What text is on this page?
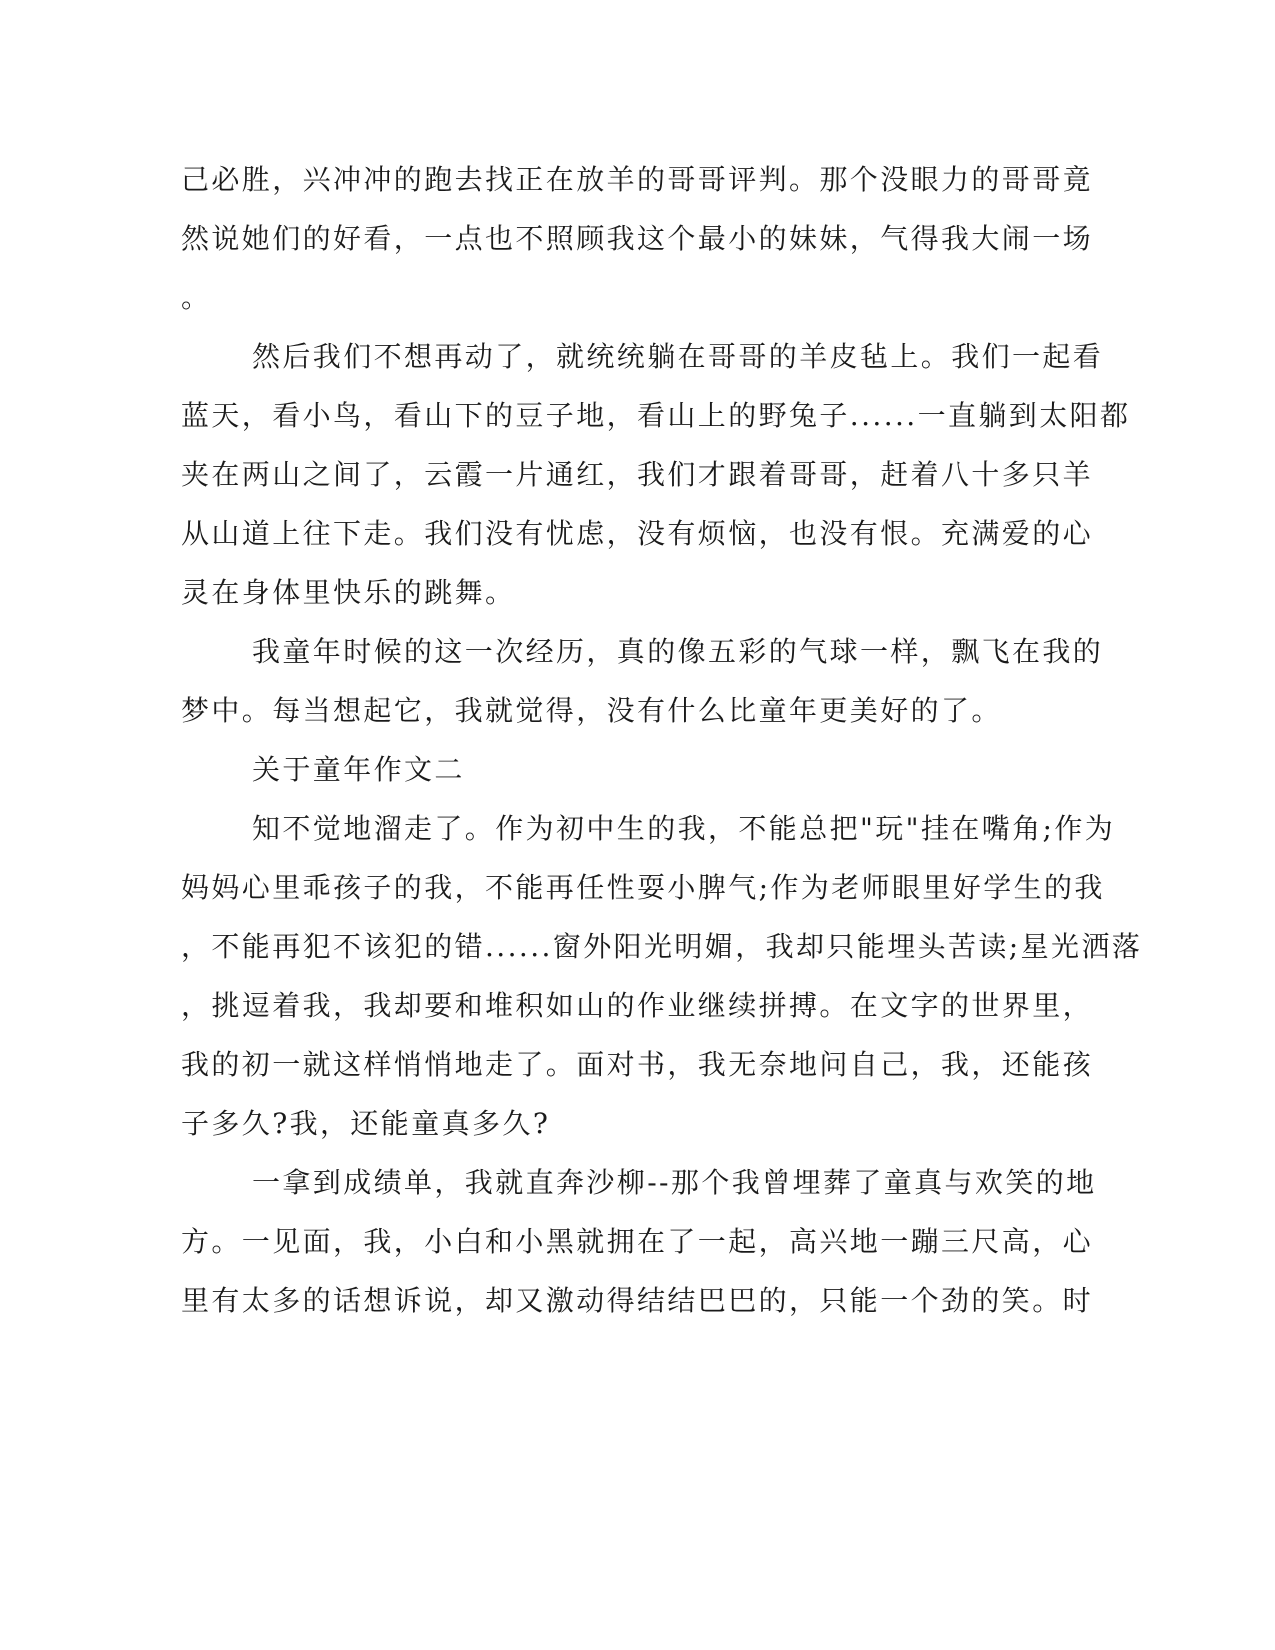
己必胜，兴冲冲的跑去找正在放羊的哥哥评判。那个没眼力的哥哥竟

然说她们的好看，一点也不照顾我这个最小的妹妹，气得我大闹一场

。

然后我们不想再动了，就统统躺在哥哥的羊皮毡上。我们一起看

蓝天，看小鸟，看山下的豆子地，看山上的野兔子......一直躺到太阳都

夹在两山之间了，云霞一片通红，我们才跟着哥哥，赶着八十多只羊

从山道上往下走。我们没有忧虑，没有烦恼，也没有恨。充满爱的心

灵在身体里快乐的跳舞。

我童年时候的这一次经历，真的像五彩的气球一样，飘飞在我的

梦中。每当想起它，我就觉得，没有什么比童年更美好的了。

关于童年作文二

知不觉地溜走了。作为初中生的我，不能总把"玩"挂在嘴角;作为

妈妈心里乖孩子的我，不能再任性耍小脾气;作为老师眼里好学生的我

，不能再犯不该犯的错......窗外阳光明媚，我却只能埋头苦读;星光洒落

，挑逗着我，我却要和堆积如山的作业继续拼搏。在文字的世界里，

我的初一就这样悄悄地走了。面对书，我无奈地问自己，我，还能孩

子多久?我，还能童真多久?

一拿到成绩单，我就直奔沙柳--那个我曾埋葬了童真与欢笑的地

方。一见面，我，小白和小黑就拥在了一起，高兴地一蹦三尺高，心

里有太多的话想诉说，却又激动得结结巴巴的，只能一个劲的笑。时
